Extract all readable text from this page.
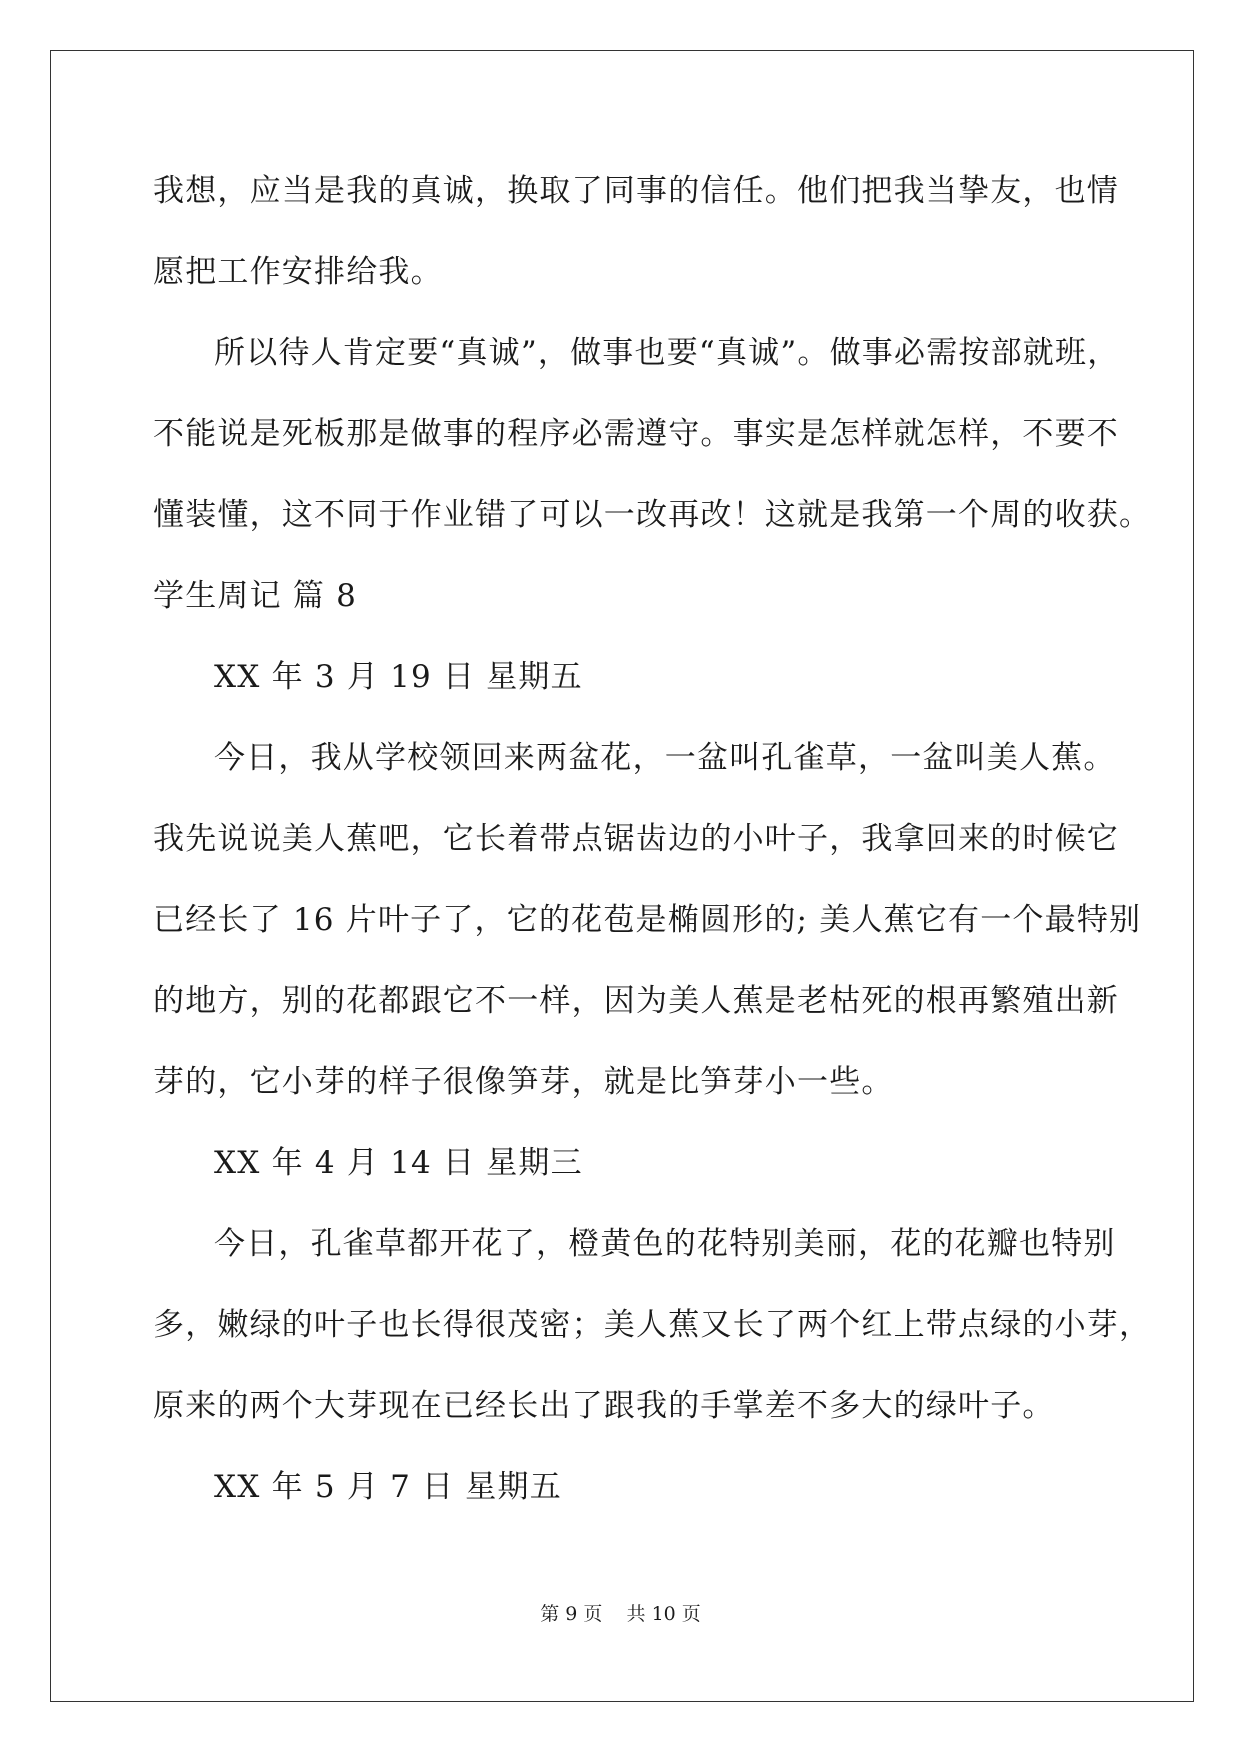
我想，应当是我的真诚，换取了同事的信任。他们把我当挚友，也情
愿把工作安排给我。
所以待人肯定要“真诚”，做事也要“真诚”。做事必需按部就班，
不能说是死板那是做事的程序必需遵守。事实是怎样就怎样，不要不
懂装懂，这不同于作业错了可以一改再改！这就是我第一个周的收获。
学生周记 篇 8
XX 年 3 月 19 日 星期五
今日，我从学校领回来两盆花，一盆叫孔雀草，一盆叫美人蕉。
我先说说美人蕉吧，它长着带点锯齿边的小叶子，我拿回来的时候它
已经长了 16 片叶子了，它的花苞是椭圆形的; 美人蕉它有一个最特别
的地方，别的花都跟它不一样，因为美人蕉是老枯死的根再繁殖出新
芽的，它小芽的样子很像笋芽，就是比笋芽小一些。
XX 年 4 月 14 日 星期三
今日，孔雀草都开花了，橙黄色的花特别美丽，花的花瓣也特别
多，嫩绿的叶子也长得很茂密；美人蕉又长了两个红上带点绿的小芽，
原来的两个大芽现在已经长出了跟我的手掌差不多大的绿叶子。
XX 年 5 月 7 日 星期五
第 9 页    共 10 页
